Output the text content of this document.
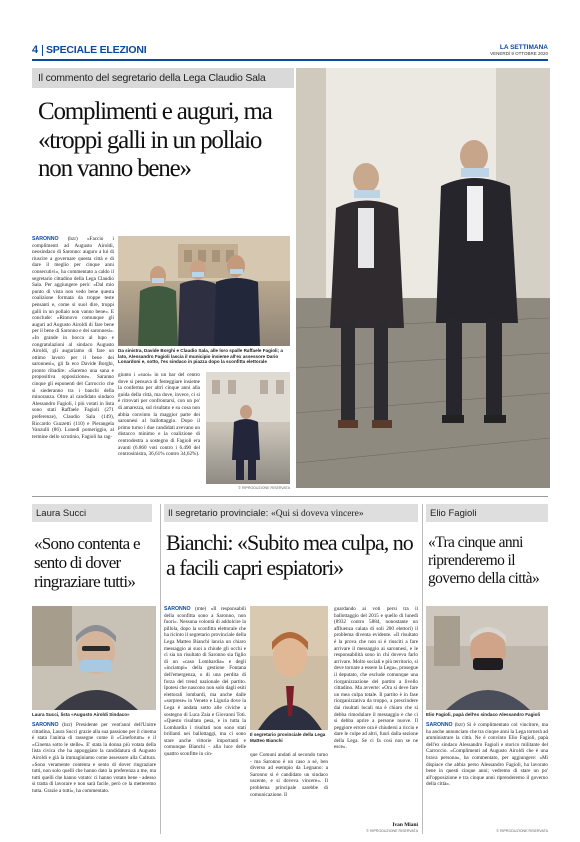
4 SPECIALE ELEZIONI	LA SETTIMANA
VENERDÌ 9 OTTOBRE 2020
Il commento del segretario della Lega Claudio Sala
Complimenti e auguri, ma «troppi galli in un pollaio non vanno bene»
SARONNO (bzr) «Faccio i complimenti ad Augusto Airoldi, neosindaco di Saronno: auguro a lui di riuscire a governare questa città e di dare il meglio per cinque anni consecutivi», ha commentato a caldo il segretario cittadino della Lega Claudio Sala. Per aggiungere però: «Dal mio punto di vista non vedo bene questa coalizione formata da troppe teste pensanti e, come si suol dire, troppi galli in un pollaio non vanno bene». E conclude: «Rinnovo comunque gli auguri ad Augusto Airoldi di fare bene per il bene di Saronno e dei saronnesi». «In grande in bocca al lupo e congratulazioni al sindaco Augusto Airoldi, gli auguriamo di fare un ottimo lavoro per il bene dei saronnesi», gli fa eco Davide Borghi, pronto ribadire: «Saremo una sana e propositiva opposizione». Saranno cinque gli esponenti del Carroccio che si siederanno tra i banchi della minoranza. Oltre al candidato sindaco Alessandro Fagioli, i più votati in lista sono stati Raffaele Fagioli (271 preferenze), Claudio Sala (149), Riccardo Guzzetti (110) e Pierangela Vanzulli (86). Lunedì pomeriggio, al termine dello scrutinio, Fagioli ha rag-
Da sinistra, Davide Borghi e Claudio Sala, alle loro spalle Raffaele Fagioli; a lato, Alessandro Fagioli lascia il municipio insieme all'ex assessore Dario Lonardoni e, sotto, l'ex sindaco in piazza dopo la sconfitta elettorale
giunto i «suoi» in un bar del centro dove si pensava di festeggiare insieme la conferma per altri cinque anni alla guida della città, ma dove, invece, ci si è ritrovati per confrontarsi, con un po' di amarezza, sul risultato e su cosa non abbia convinto la maggior parte dei saronnesi al ballottaggio. Dopo il primo turno i due candidati avevano un distacco minimo e la coalizione di centrodestra a sostegno di Fagioli era avanti (6.860 voti contro i 6.490 del centrosinistra, 36,61% contro 34,62%).
© RIPRODUZIONE RISERVATA
Laura Succi
«Sono contenta e sento di dover ringraziare tutti»
Laura Succi, lista «Augusto Airoldi Sindaco»
SARONNO (bzr) Presidente per vent'anni dell'Unitre cittadina, Laura Succi grazie alla sua passione per il cinema è stata l'anima di rassegne come il «Cineforum» e il «Cinema sotto le stelle». E' stata la donna più votata della lista civica che ha appoggiato la candidatura di Augusto Airoldi e già la immaginiamo come assessore alla Cultura. «Sono veramente contenta e sento di dover ringraziare tutti, non solo quelli che hanno dato la preferenza a me, ma tutti quelli che hanno votato: ci hanno votato bene - adesso si tratta di lavorare e non sarà facile, però ce la metteremo tutta. Grazie a tutti», ha commentato.
Il segretario provinciale: «Qui si doveva vincere»
Bianchi: «Subito mea culpa, no a facili capri espiatori»
SARONNO (mte) «Il responsabili della sconfitta sono a Saronno, non fuori». Nessuna volontà di addolcire la pillola, dopo la sconfitta elettorale che ha ricinto il segretario provinciale della Lega Matteo Bianchi lancia un chiaro messaggio ai suoi a chiude gli occhi e ci sia un risultato di Saronno sia figlio di un «caso Lombardia» e degli «inciampi» della gestione Fontana dell'emergenza, o di una perdita di forza del trend nazionale del partito. Ipotesi che nascono non solo dagli esiti elettorali lombardi, ma anche dalle «sorprese» in Veneto e Liguria dove la Lega è andata sotto alle civiche a sostegno di Luca Zaia e Giovanni Toti. «Questo risultato pesa, e in tutta la Lombardia i risultati non sono stati brillanti nei ballottaggi, ma ci sono stare anche vittorie importanti e comunque Bianchi - alla luce delle quattro sconfitte in cin-
Il segretario provinciale della Lega Matteo Bianchi
que Comuni andati al secondo turno - ma Saronno è un caso a sé, ben diverso ad esempio da Legnano: a Saronno si è candidato un sindaco uscente, e si doveva vincere». Il problema principale sarebbe di comunicazione. Il
guardando ai voti persi tra il ballottaggio del 2015 e quello di lunedì (8932 contro 5884, nonostante un affluenza calata di soli 200 elettori) il problema diventa evidente. «Il risultato è la prova che non si è riusciti a fare arrivare il messaggio ai saronnesi, e le responsabilità sono in chi doveva farlo arrivare. Molto sociali e più territorio, si deve tornare a essere la Lega», prosegue il deputato, che esclude comunque una riorganizzazione del partito a livello cittadino. Ma avverte: «Ora si deve fare un mea culpa totale. Il partito è in fase riorganizzativa da troppo, a prescindere dai risultati locali ma è chiaro che si debba rimodulare il messaggio e che ci si debba aprire a persone nuove. Il peggiore errore ora è chiudersi a riccio e dare le colpe ad altri, fuori dalla sezione della Lega. Se ci fa così non se ne esce».
Ivan Miani
© RIPRODUZIONE RISERVATA
Elio Fagioli
«Tra cinque anni riprenderemo il governo della città»
Elio Fagioli, papà dell'ex sindaco Alessandro Fagioli
SARONNO (bzr) Si è complimentato col vincitore, ma ha anche annunciato che tra cinque anni la Lega tornerà ad amministrare la città. Ne è convinto Elio Fagioli, papà dell'ex sindaco Alessandro Fagioli e storico militante del Carroccio. «Complimenti ad Augusto Airoldi che è una brava persona», ha commentato, per aggiungere: «Mi dispiace che abbia perso Alessandro Fagioli, ha lavorato bene in questi cinque anni; vedremo di stare un po' all'opposizione e tra cinque anni riprenderemo il governo della città».
© RIPRODUZIONE RISERVATA
